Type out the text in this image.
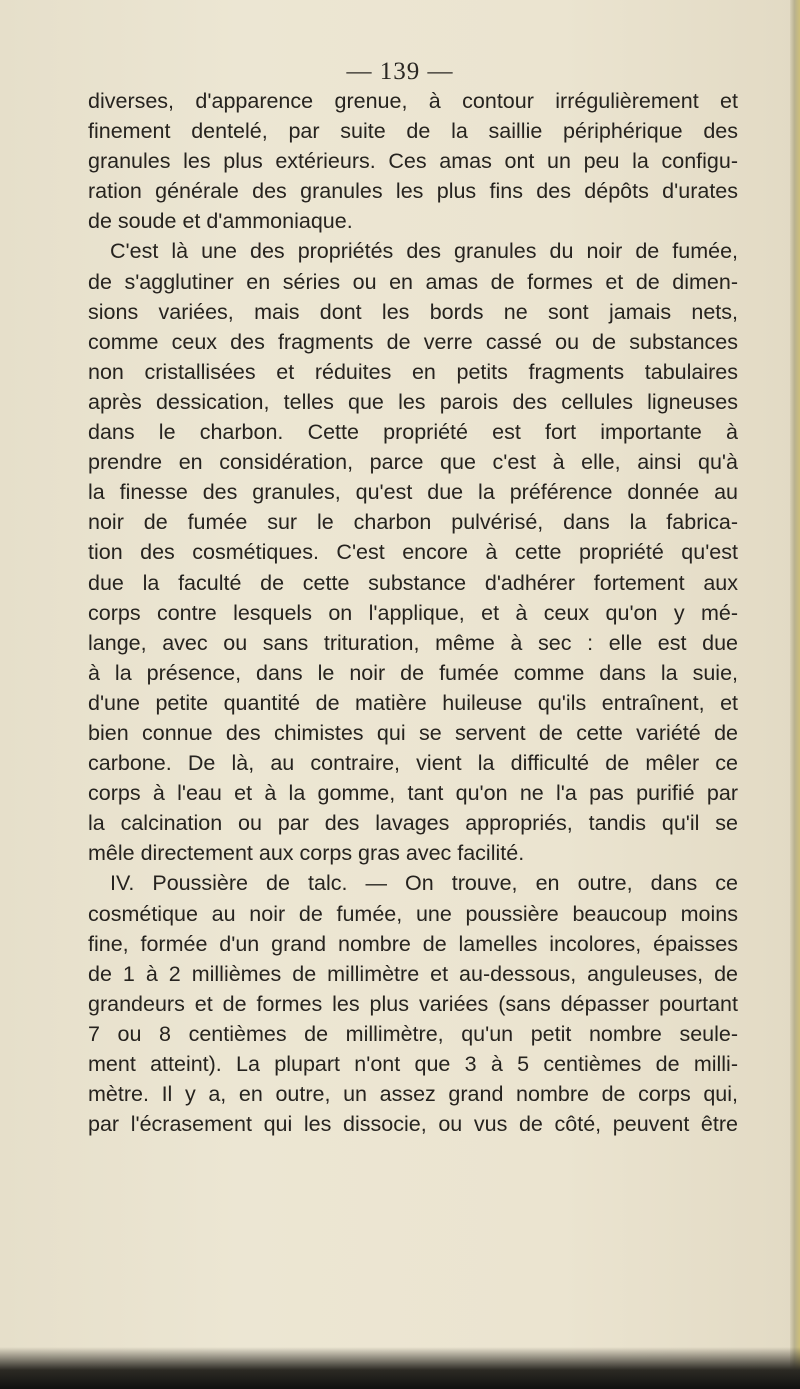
— 139 —
diverses, d'apparence grenue, à contour irrégulièrement et
finement dentelé, par suite de la saillie périphérique des
granules les plus extérieurs. Ces amas ont un peu la configu-
ration générale des granules les plus fins des dépôts d'urates
de soude et d'ammoniaque.
C'est là une des propriétés des granules du noir de fumée,
de s'agglutiner en séries ou en amas de formes et de dimen-
sions variées, mais dont les bords ne sont jamais nets,
comme ceux des fragments de verre cassé ou de substances
non cristallisées et réduites en petits fragments tabulaires
après dessication, telles que les parois des cellules ligneuses
dans le charbon. Cette propriété est fort importante à
prendre en considération, parce que c'est à elle, ainsi qu'à
la finesse des granules, qu'est due la préférence donnée au
noir de fumée sur le charbon pulvérisé, dans la fabrica-
tion des cosmétiques. C'est encore à cette propriété qu'est
due la faculté de cette substance d'adhérer fortement aux
corps contre lesquels on l'applique, et à ceux qu'on y mé-
lange, avec ou sans trituration, même à sec : elle est due
à la présence, dans le noir de fumée comme dans la suie,
d'une petite quantité de matière huileuse qu'ils entraînent, et
bien connue des chimistes qui se servent de cette variété de
carbone. De là, au contraire, vient la difficulté de mêler ce
corps à l'eau et à la gomme, tant qu'on ne l'a pas purifié par
la calcination ou par des lavages appropriés, tandis qu'il se
mêle directement aux corps gras avec facilité.
IV. Poussière de talc. — On trouve, en outre, dans ce
cosmétique au noir de fumée, une poussière beaucoup moins
fine, formée d'un grand nombre de lamelles incolores, épaisses
de 1 à 2 millièmes de millimètre et au-dessous, anguleuses, de
grandeurs et de formes les plus variées (sans dépasser pourtant
7 ou 8 centièmes de millimètre, qu'un petit nombre seule-
ment atteint). La plupart n'ont que 3 à 5 centièmes de milli-
mètre. Il y a, en outre, un assez grand nombre de corps qui,
par l'écrasement qui les dissocie, ou vus de côté, peuvent être
